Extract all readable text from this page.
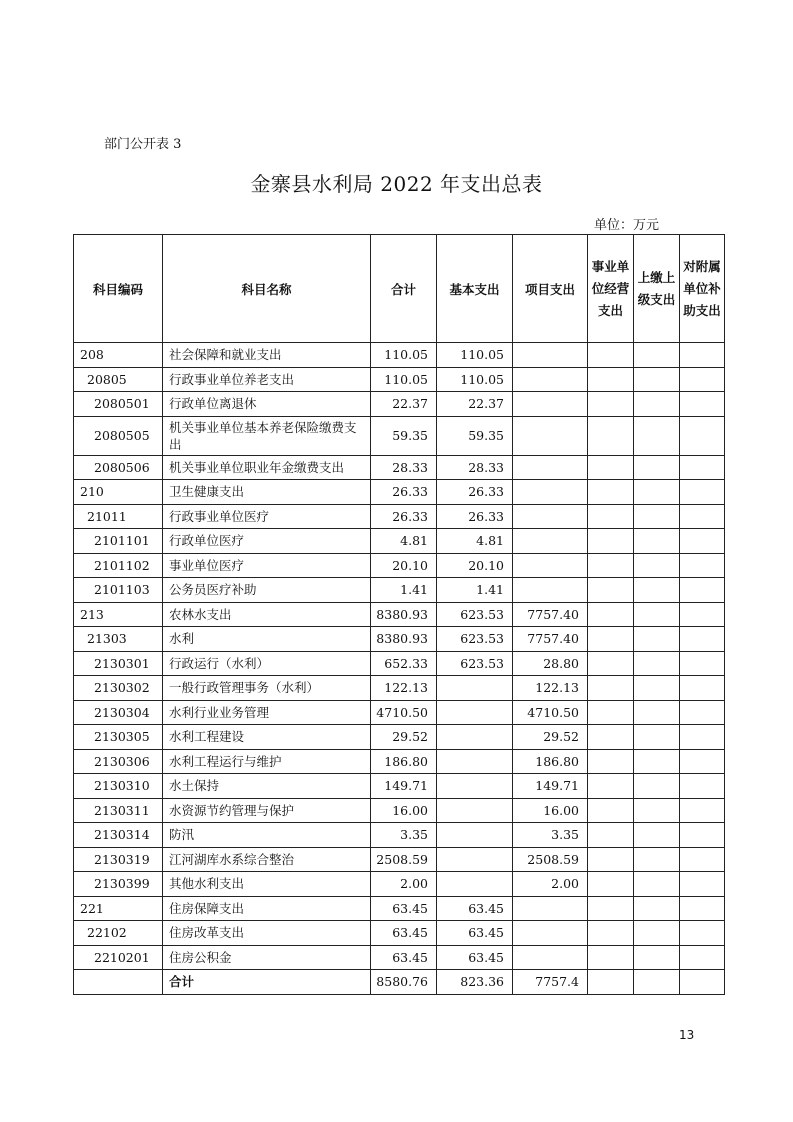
部门公开表 3
金寨县水利局 2022 年支出总表
单位：万元
科目编码	科目名称	合计	基本支出	项目支出	事业单位经营支出	上缴上级支出	对附属单位补助支出
208	社会保障和就业支出	110.05	110.05				
20805	行政事业单位养老支出	110.05	110.05				
2080501	行政单位离退休	22.37	22.37				
2080505	机关事业单位基本养老保险缴费支出	59.35	59.35				
2080506	机关事业单位职业年金缴费支出	28.33	28.33				
210	卫生健康支出	26.33	26.33				
21011	行政事业单位医疗	26.33	26.33				
2101101	行政单位医疗	4.81	4.81				
2101102	事业单位医疗	20.10	20.10				
2101103	公务员医疗补助	1.41	1.41				
213	农林水支出	8380.93	623.53	7757.40			
21303	水利	8380.93	623.53	7757.40			
2130301	行政运行（水利）	652.33	623.53	28.80			
2130302	一般行政管理事务（水利）	122.13		122.13			
2130304	水利行业业务管理	4710.50		4710.50			
2130305	水利工程建设	29.52		29.52			
2130306	水利工程运行与维护	186.80		186.80			
2130310	水土保持	149.71		149.71			
2130311	水资源节约管理与保护	16.00		16.00			
2130314	防汛	3.35		3.35			
2130319	江河湖库水系综合整治	2508.59		2508.59			
2130399	其他水利支出	2.00		2.00			
221	住房保障支出	63.45	63.45				
22102	住房改革支出	63.45	63.45				
2210201	住房公积金	63.45	63.45				
	合计	8580.76	823.36	7757.4			
13
